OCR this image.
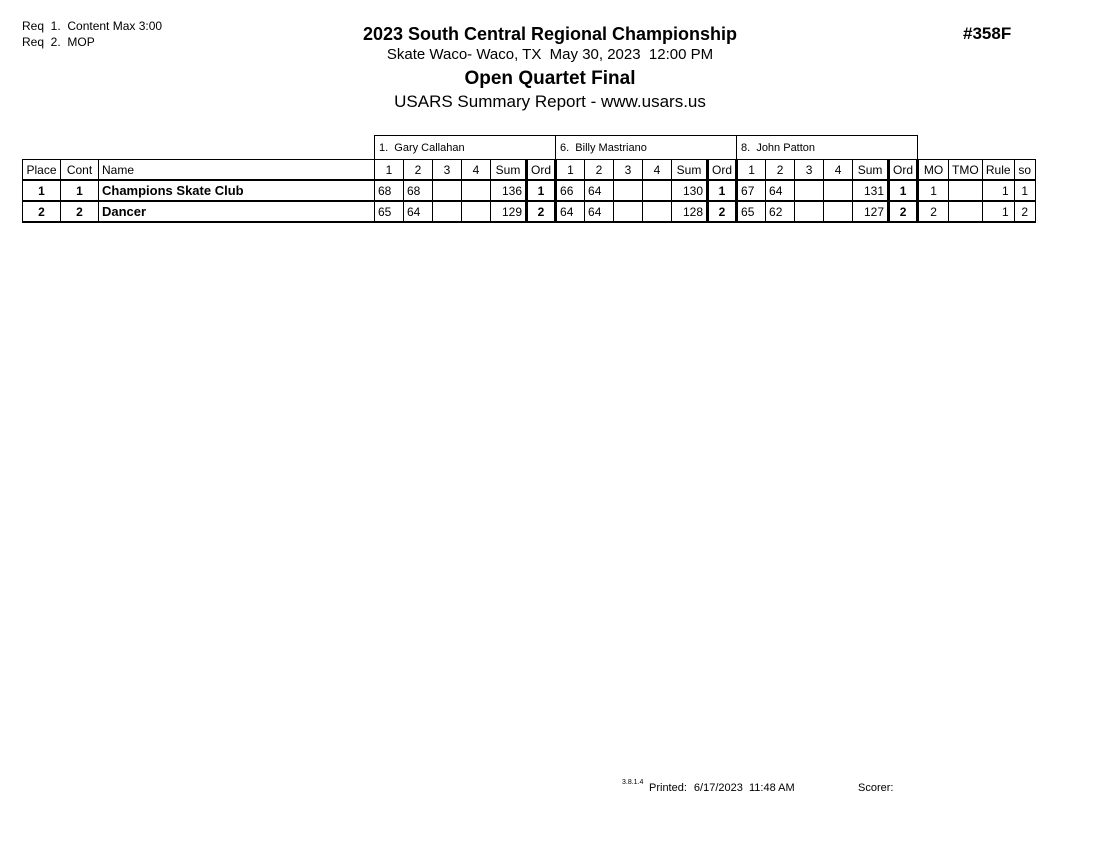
Req  1.  Content Max 3:00
Req  2.  MOP	2023 South Central Regional Championship
Skate Waco- Waco, TX  May 30, 2023  12:00 PM
Open Quartet Final
USARS Summary Report - www.usars.us
#358F
			1.  Gary Callahan						6.  Billy Mastriano						8.  John Patton									
Place	Cont	Name	1	2	3	4	Sum	Ord	1	2	3	4	Sum	Ord	1	2	3	4	Sum	Ord	MO	TMO	Rule	so
1	1	Champions Skate Club	68	68			136	1	66	64			130	1	67	64			131	1	1		1	1
2	2	Dancer	65	64			129	2	64	64			128	2	65	62			127	2	2		1	2
3.8.1.4 Printed: 6/17/2023  11:48 AM	Scorer:
